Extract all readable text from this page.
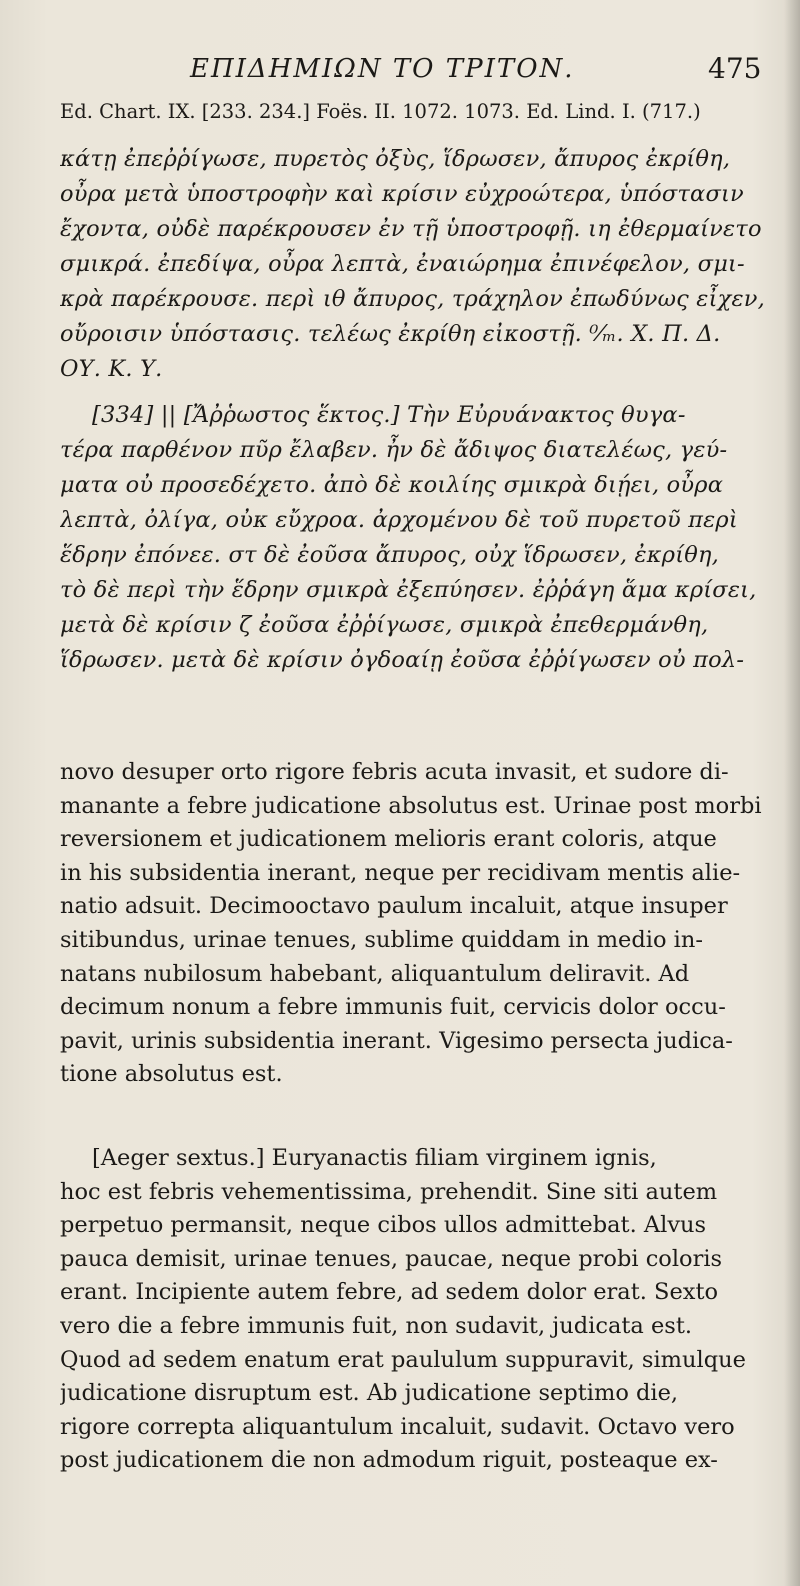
ΕΠΙΔΗΜΙΩΝ ΤΟ ΤΡΙΤΟΝ.	475
Ed. Chart. IX. [233. 234.] Foës. II. 1072. 1073. Ed. Lind. I. (717.)
κάτῃ ἐπεῤῥίγωσε, πυρετὸς ὀξὺς, ἵδρωσεν, ἄπυρος ἐκρίθη,
οὖρα μετὰ ὑποστροφὴν καὶ κρίσιν εὐχροώτερα, ὑπόστασιν
ἔχοντα, οὐδὲ παρέκρουσεν ἐν τῇ ὑποστροφῇ. ιη ἐθερμαίνετο
σμικρά. ἐπεδίψα, οὖρα λεπτὰ, ἐναιώρημα ἐπινέφελον, σμι-
κρὰ παρέκρουσε. περὶ ιθ ἄπυρος, τράχηλον ἐπωδύνως εἶχεν,
οὔροισιν ὑπόστασις. τελέως ἐκρίθη εἰκοστῇ. ⁰⁄ₘ. Χ. Π. Δ.
ΟΥ. Κ. Υ.
[334] || [Ἄῤῥωστος ἕκτος.] Τὴν Εὐρυάνακτος θυγα-
τέρα παρθένον πῦρ ἔλαβεν. ἦν δὲ ἄδιψος διατελέως, γεύ-
ματα οὐ προσεδέχετο. ἀπὸ δὲ κοιλίης σμικρὰ διῄει, οὖρα
λεπτὰ, ὀλίγα, οὐκ εὔχροα. ἀρχομένου δὲ τοῦ πυρετοῦ περὶ
ἕδρην ἐπόνεε. στ δὲ ἐοῦσα ἄπυρος, οὐχ ἵδρωσεν, ἐκρίθη,
τὸ δὲ περὶ τὴν ἕδρην σμικρὰ ἐξεπύησεν. ἐῤῥάγη ἅμα κρίσει,
μετὰ δὲ κρίσιν ζ ἐοῦσα ἐῤῥίγωσε, σμικρὰ ἐπεθερμάνθη,
ἵδρωσεν. μετὰ δὲ κρίσιν ὀγδοαίῃ ἐοῦσα ἐῤῥίγωσεν οὐ πολ-
novo desuper orto rigore febris acuta invasit, et sudore di-
manante a febre judicatione absolutus est. Urinae post morbi
reversionem et judicationem melioris erant coloris, atque
in his subsidentia inerant, neque per recidivam mentis alie-
natio adsuit. Decimooctavo paulum incaluit, atque insuper
sitibundus, urinae tenues, sublime quiddam in medio in-
natans nubilosum habebant, aliquantulum deliravit. Ad
decimum nonum a febre immunis fuit, cervicis dolor occu-
pavit, urinis subsidentia inerant. Vigesimo persecta judica-
tione absolutus est.
[Aeger sextus.] Euryanactis filiam virginem ignis,
hoc est febris vehementissima, prehendit. Sine siti autem
perpetuo permansit, neque cibos ullos admittebat. Alvus
pauca demisit, urinae tenues, paucae, neque probi coloris
erant. Incipiente autem febre, ad sedem dolor erat. Sexto
vero die a febre immunis fuit, non sudavit, judicata est.
Quod ad sedem enatum erat paululum suppuravit, simulque
judicatione disruptum est. Ab judicatione septimo die,
rigore correpta aliquantulum incaluit, sudavit. Octavo vero
post judicationem die non admodum riguit, posteaque ex-
